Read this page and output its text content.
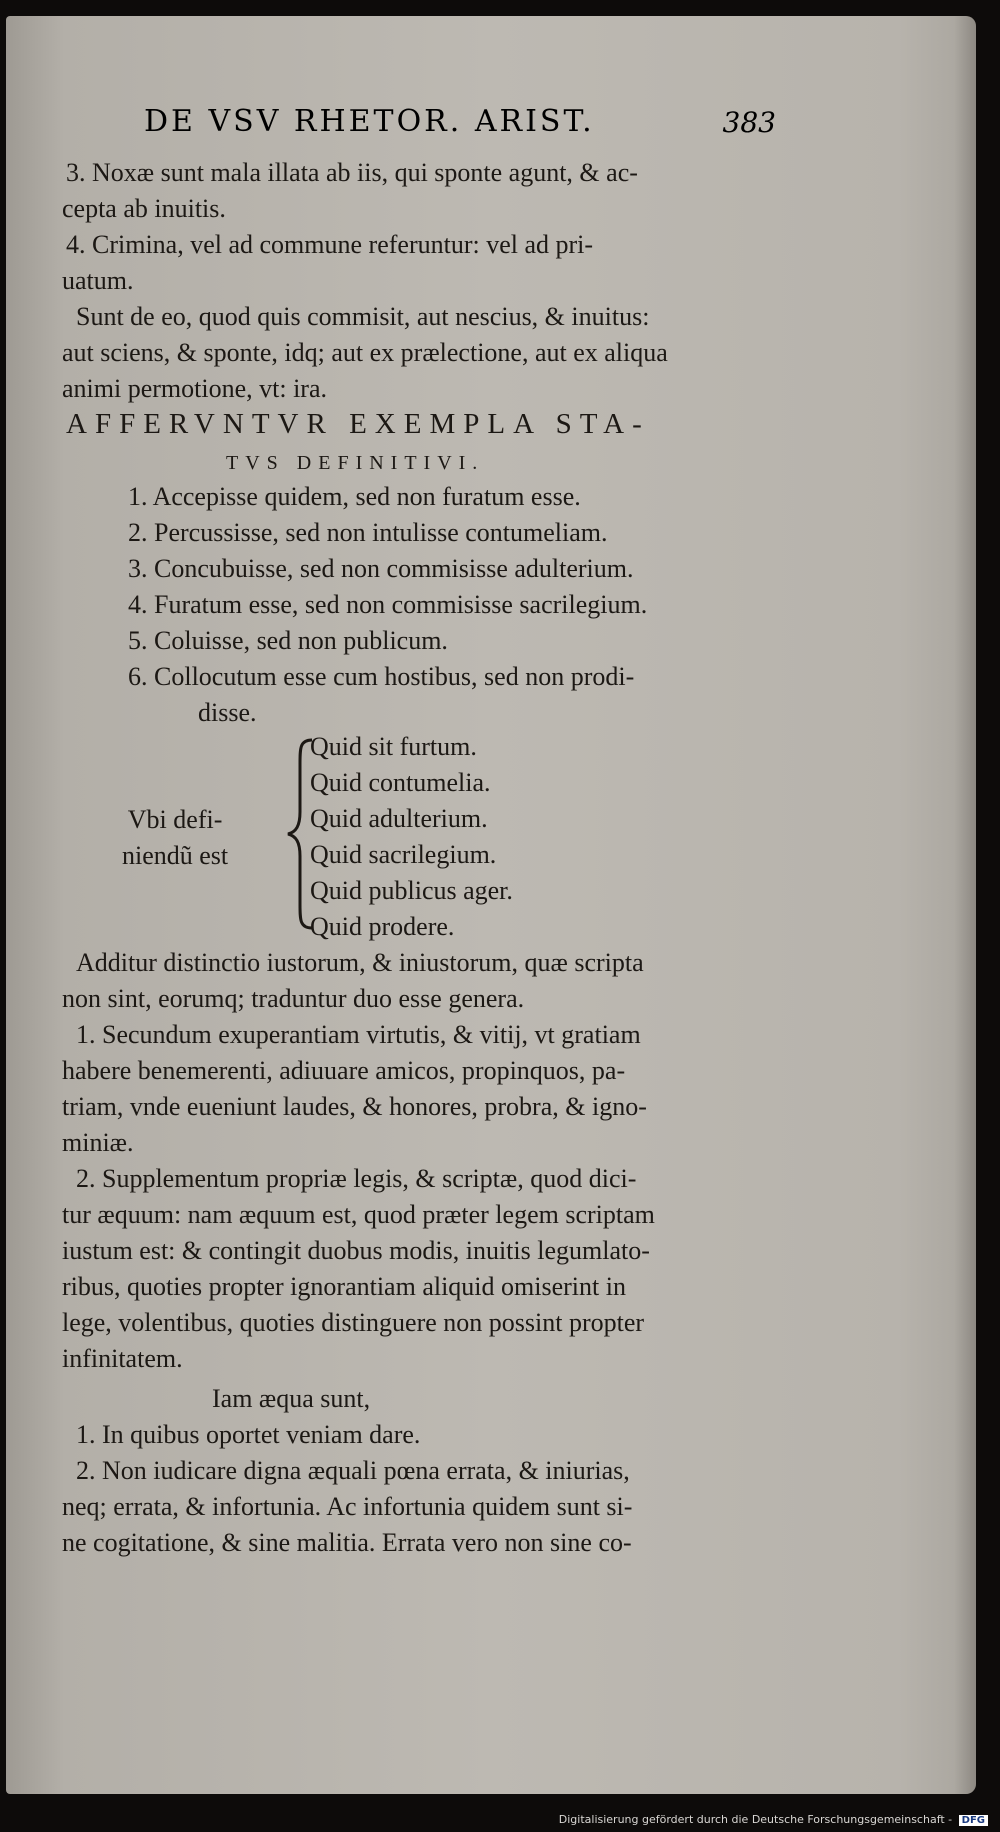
DE VSV RHETOR. ARIST.	383
3. Noxæ sunt mala illata ab iis, qui sponte agunt, & ac-
cepta ab inuitis.
4. Crimina, vel ad commune referuntur: vel ad pri-
uatum.
Sunt de eo, quod quis commisit, aut nescius, & inuitus:
aut sciens, & sponte, idq; aut ex prælectione, aut ex aliqua
animi permotione, vt: ira.
AFFERVNTVR EXEMPLA STA-
TVS DEFINITIVI.
1. Accepisse quidem, sed non furatum esse.
2. Percussisse, sed non intulisse contumeliam.
3. Concubuisse, sed non commisisse adulterium.
4. Furatum esse, sed non commisisse sacrilegium.
5. Coluisse, sed non publicum.
6. Collocutum esse cum hostibus, sed non prodi-
disse.
Vbi defi-
niendũ est
Quid sit furtum.
Quid contumelia.
Quid adulterium.
Quid sacrilegium.
Quid publicus ager.
Quid prodere.
Additur distinctio iustorum, & iniustorum, quæ scripta
non sint, eorumq; traduntur duo esse genera.
1. Secundum exuperantiam virtutis, & vitij, vt gratiam
habere benemerenti, adiuuare amicos, propinquos, pa-
triam, vnde eueniunt laudes, & honores, probra, & igno-
miniæ.
2. Supplementum propriæ legis, & scriptæ, quod dici-
tur æquum: nam æquum est, quod præter legem scriptam
iustum est: & contingit duobus modis, inuitis legumlato-
ribus, quoties propter ignorantiam aliquid omiserint in
lege, volentibus, quoties distinguere non possint propter
infinitatem.
Iam æqua sunt,
1. In quibus oportet veniam dare.
2. Non iudicare digna æquali pœna errata, & iniurias,
neq; errata, & infortunia. Ac infortunia quidem sunt si-
ne cogitatione, & sine malitia. Errata vero non sine co-
Digitalisierung gefördert durch die Deutsche Forschungsgemeinschaft - DFG
